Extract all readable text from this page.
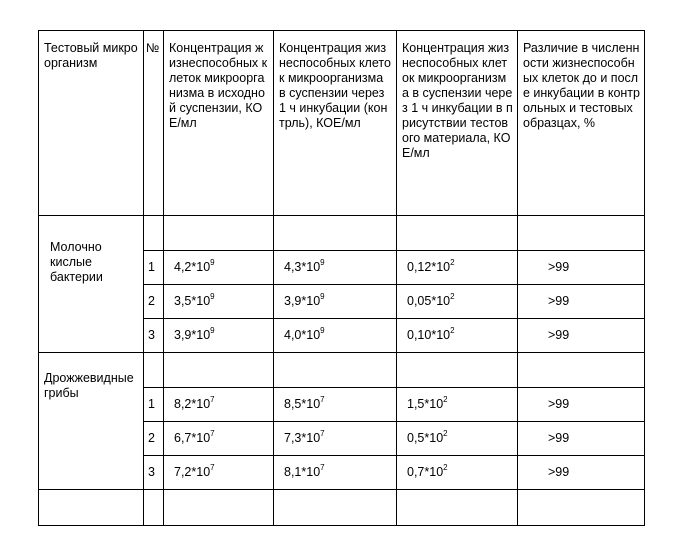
Тестовый микроорганизм	№	Концентрация жизнеспособных клеток микроорганизма в исходной суспензии, КОЕ/мл	Концентрация жизнеспособных клеток микроорганизма в суспензии через 1 ч инкубации (контрль), КОЕ/мл	Концентрация жизнеспособных клеток микроорганизма в суспензии через 1 ч инкубации в присутствии тестового материала, КОЕ/мл	Различие в численности жизнеспособных клеток до и после инкубации в контрольных и тестовых образцах, %

Молочно кислые бактерии					

	1	$4,2*10^9$	$4,3*10^9$	$0,12*10^2$	>99
	2	$3,5*10^9$	$3,9*10^9$	$0,05*10^2$	>99
	3	$3,9*10^9$	$4,0*10^9$	$0,10*10^2$	>99

Дрожжевидные грибы					

	1	$8,2*10^7$	$8,5*10^7$	$1,5*10^2$	>99
	2	$6,7*10^7$	$7,3*10^7$	$0,5*10^2$	>99
	3	$7,2*10^7$	$8,1*10^7$	$0,7*10^2$	>99
